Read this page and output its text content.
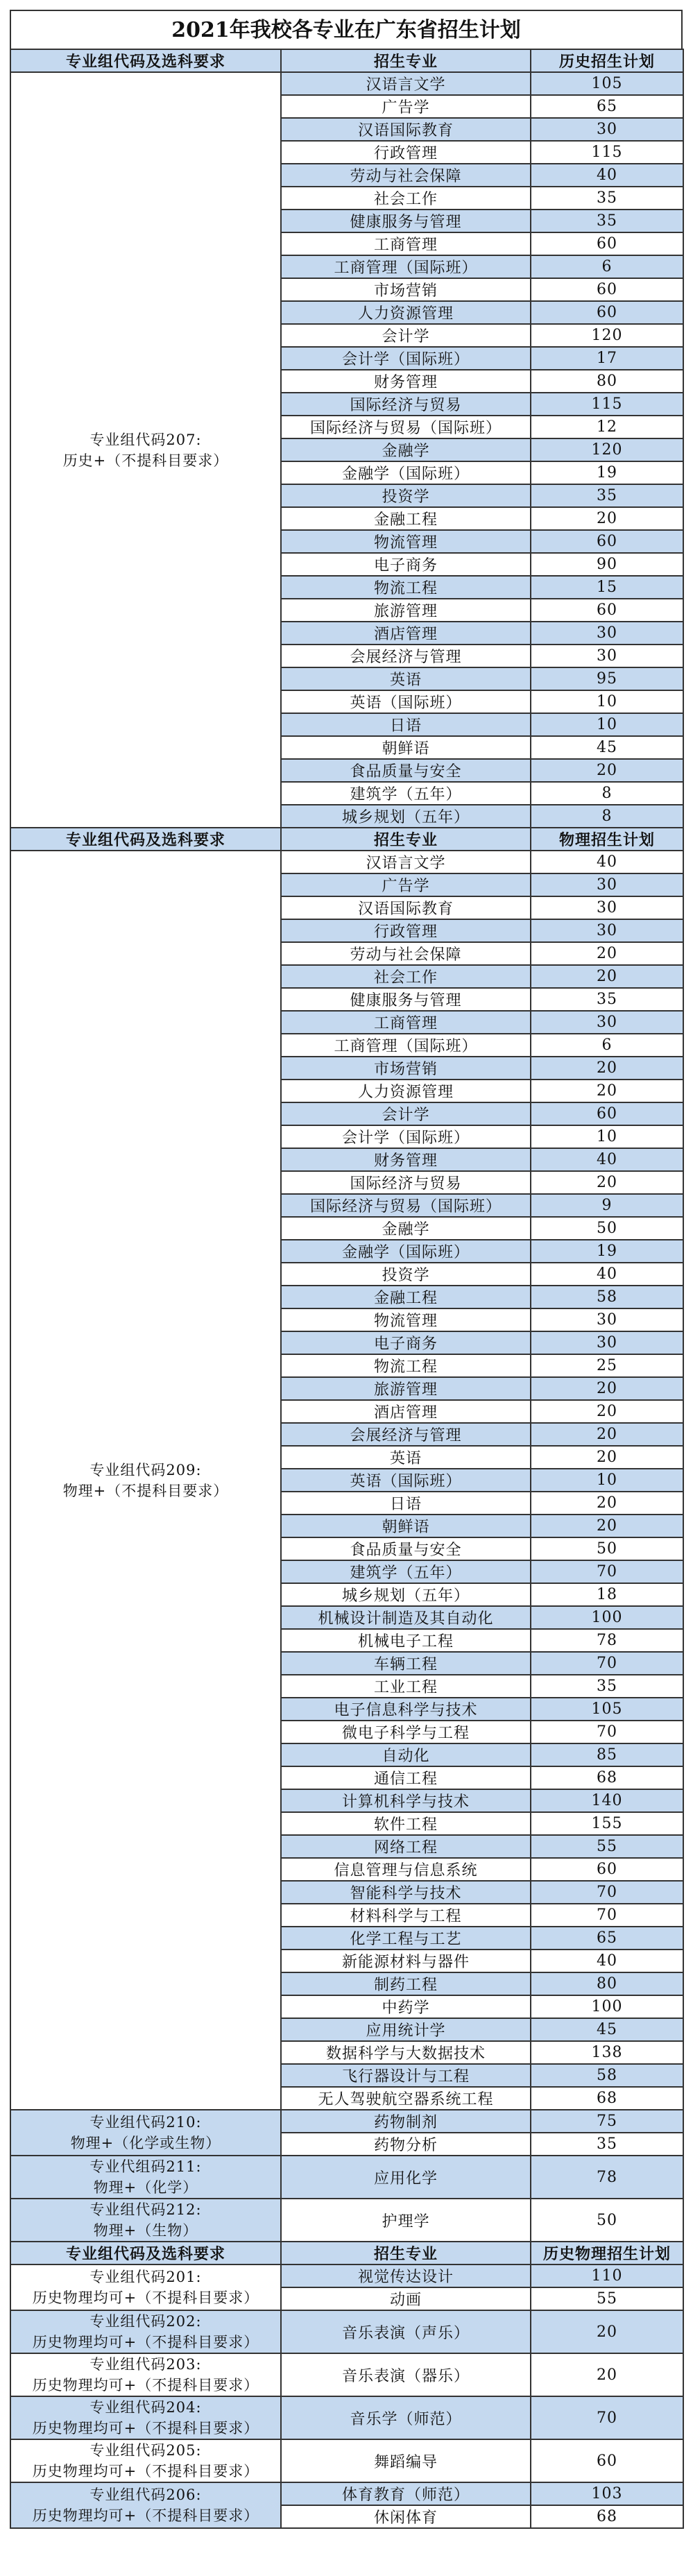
2021年我校各专业在广东省招生计划
专业组代码及选科要求	招生专业	历史招生计划

专业组代码207:
历史+（不提科目要求）	汉语言文学	105
	广告学	65
	汉语国际教育	30
	行政管理	115
	劳动与社会保障	40
	社会工作	35
	健康服务与管理	35
	工商管理	60
	工商管理（国际班）	6
	市场营销	60
	人力资源管理	60
	会计学	120
	会计学（国际班）	17
	财务管理	80
	国际经济与贸易	115
	国际经济与贸易（国际班）	12
	金融学	120
	金融学（国际班）	19
	投资学	35
	金融工程	20
	物流管理	60
	电子商务	90
	物流工程	15
	旅游管理	60
	酒店管理	30
	会展经济与管理	30
	英语	95
	英语（国际班）	10
	日语	10
	朝鲜语	45
	食品质量与安全	20
	建筑学（五年）	8
	城乡规划（五年）	8
专业组代码及选科要求	招生专业	物理招生计划

专业组代码209:
物理+（不提科目要求）	汉语言文学	40
	广告学	30
	汉语国际教育	30
	行政管理	30
	劳动与社会保障	20
	社会工作	20
	健康服务与管理	35
	工商管理	30
	工商管理（国际班）	6
	市场营销	20
	人力资源管理	20
	会计学	60
	会计学（国际班）	10
	财务管理	40
	国际经济与贸易	20
	国际经济与贸易（国际班）	9
	金融学	50
	金融学（国际班）	19
	投资学	40
	金融工程	58
	物流管理	30
	电子商务	30
	物流工程	25
	旅游管理	20
	酒店管理	20
	会展经济与管理	20
	英语	20
	英语（国际班）	10
	日语	20
	朝鲜语	20
	食品质量与安全	50
	建筑学（五年）	70
	城乡规划（五年）	18
	机械设计制造及其自动化	100
	机械电子工程	78
	车辆工程	70
	工业工程	35
	电子信息科学与技术	105
	微电子科学与工程	70
	自动化	85
	通信工程	68
	计算机科学与技术	140
	软件工程	155
	网络工程	55
	信息管理与信息系统	60
	智能科学与技术	70
	材料科学与工程	70
	化学工程与工艺	65
	新能源材料与器件	40
	制药工程	80
	中药学	100
	应用统计学	45
	数据科学与大数据技术	138
	飞行器设计与工程	58
	无人驾驶航空器系统工程	68

专业组代码210:
物理+（化学或生物）	药物制剂	75
	药物分析	35

专业代组码211:
物理+（化学）	应用化学	78

专业组代码212:
物理+（生物）	护理学	50
专业组代码及选科要求	招生专业	历史物理招生计划

专业组代码201:
历史物理均可+（不提科目要求）	视觉传达设计	110
	动画	55

专业组代码202:
历史物理均可+（不提科目要求）	音乐表演（声乐）	20

专业组代码203:
历史物理均可+（不提科目要求）	音乐表演（器乐）	20

专业组代码204:
历史物理均可+（不提科目要求）	音乐学（师范）	70

专业组代码205:
历史物理均可+（不提科目要求）	舞蹈编导	60

专业组代码206:
历史物理均可+（不提科目要求）	体育教育（师范）	103
	休闲体育	68
